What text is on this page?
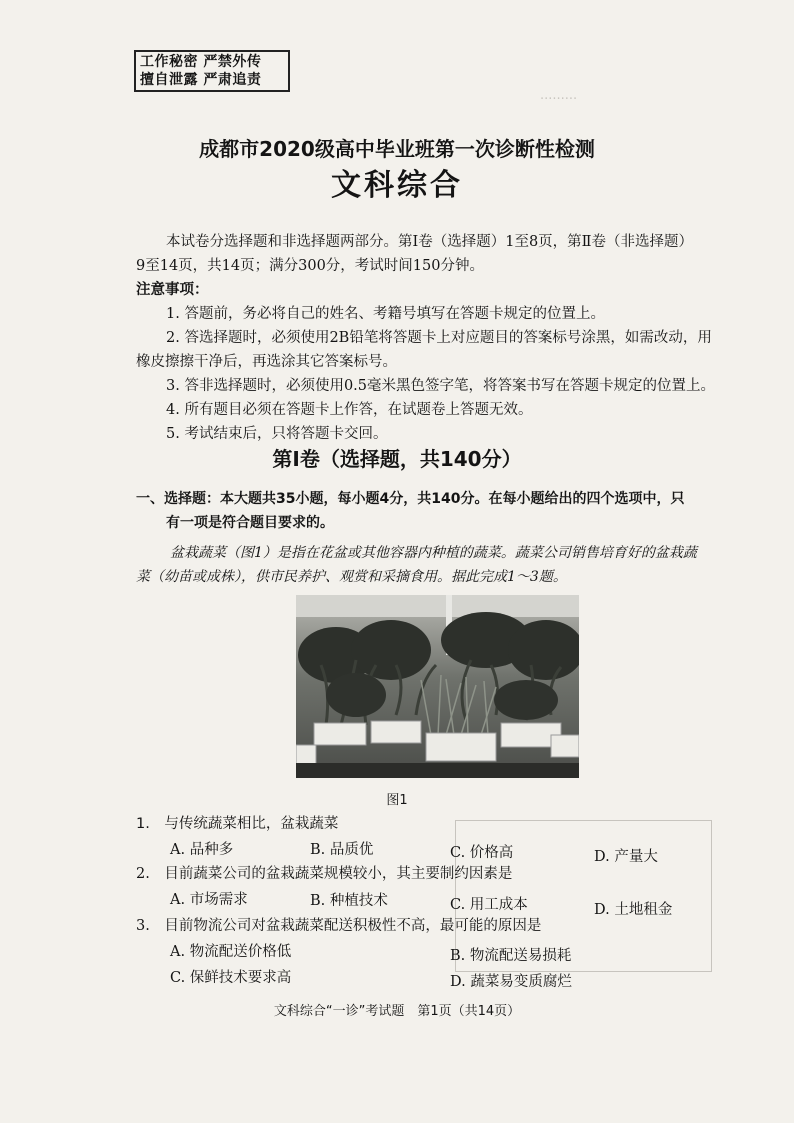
·········
工作秘密 严禁外传
擅自泄露 严肃追责
成都市2020级高中毕业班第一次诊断性检测
文科综合
本试卷分选择题和非选择题两部分。第Ⅰ卷（选择题）1至8页，第Ⅱ卷（非选择题）
9至14页，共14页；满分300分，考试时间150分钟。
注意事项：
1. 答题前，务必将自己的姓名、考籍号填写在答题卡规定的位置上。
2. 答选择题时，必须使用2B铅笔将答题卡上对应题目的答案标号涂黑，如需改动，用
橡皮擦擦干净后，再选涂其它答案标号。
3. 答非选择题时，必须使用0.5毫米黑色签字笔，将答案书写在答题卡规定的位置上。
4. 所有题目必须在答题卡上作答，在试题卷上答题无效。
5. 考试结束后，只将答题卡交回。
第Ⅰ卷（选择题，共140分）
一、选择题：本大题共35小题，每小题4分，共140分。在每小题给出的四个选项中，只
有一项是符合题目要求的。
盆栽蔬菜（图1）是指在花盆或其他容器内种植的蔬菜。蔬菜公司销售培育好的盆栽蔬
菜（幼苗或成株），供市民养护、观赏和采摘食用。据此完成1～3题。
图1
1.　与传统蔬菜相比，盆栽蔬菜
A. 品种多	B. 品质优	C. 价格高	D. 产量大
2.　目前蔬菜公司的盆栽蔬菜规模较小，其主要制约因素是
A. 市场需求	B. 种植技术	C. 用工成本	D. 土地租金
3.　目前物流公司对盆栽蔬菜配送积极性不高，最可能的原因是
A. 物流配送价格低	B. 物流配送易损耗
C. 保鲜技术要求高	D. 蔬菜易变质腐烂
文科综合“一诊”考试题　第1页（共14页）
